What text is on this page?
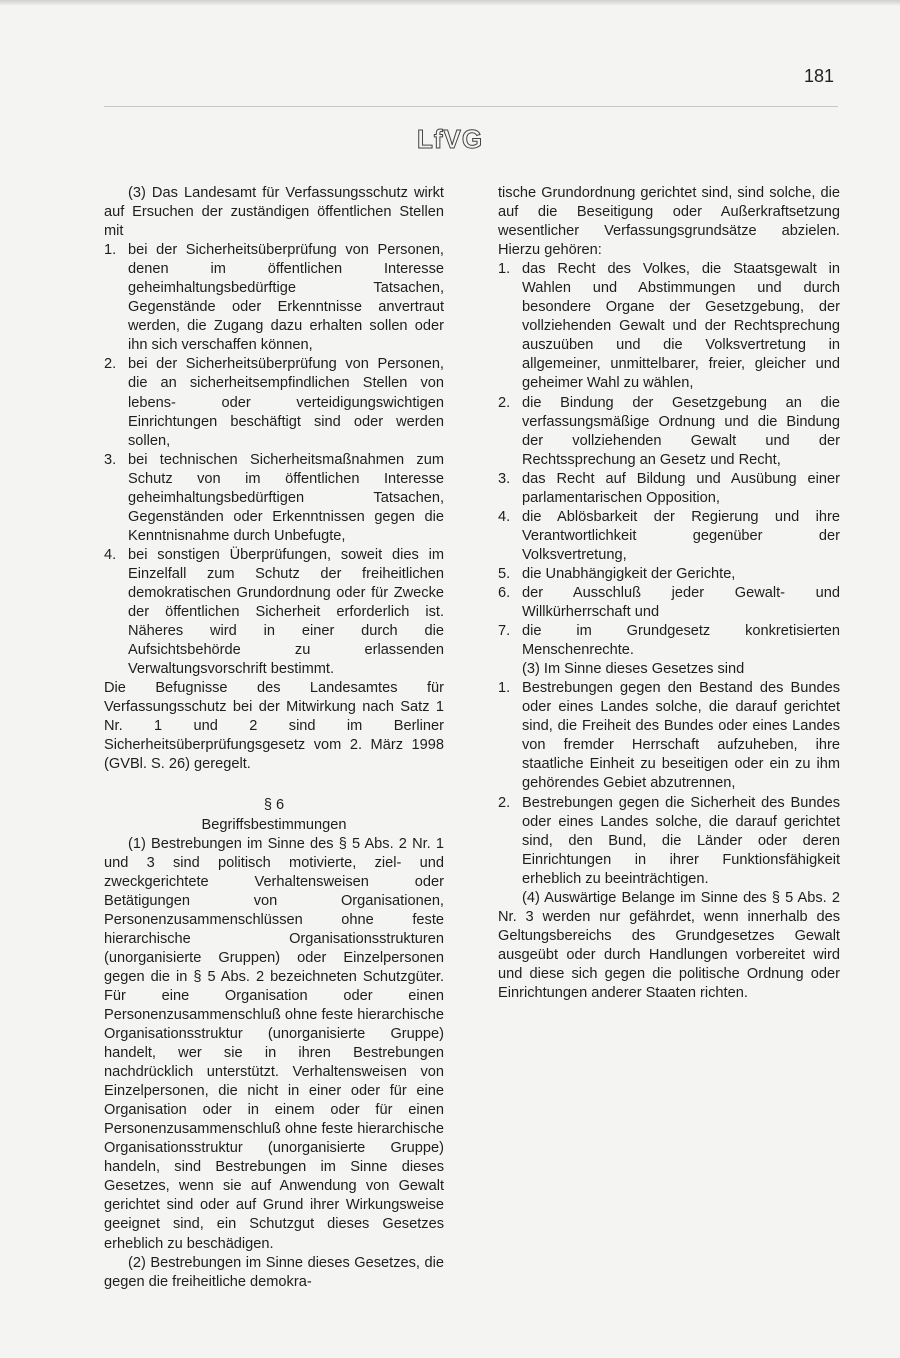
181
LfVG

(3) Das Landesamt für Verfassungsschutz wirkt auf Ersuchen der zuständigen öffentlichen Stellen mit

1. bei der Sicherheitsüberprüfung von Personen, denen im öffentlichen Interesse geheimhaltungsbedürftige Tatsachen, Gegenstände oder Erkenntnisse anvertraut werden, die Zugang dazu erhalten sollen oder ihn sich verschaffen können,
2. bei der Sicherheitsüberprüfung von Personen, die an sicherheitsempfindlichen Stellen von lebens- oder verteidigungswichtigen Einrichtungen beschäftigt sind oder werden sollen,
3. bei technischen Sicherheitsmaßnahmen zum Schutz von im öffentlichen Interesse geheimhaltungsbedürftigen Tatsachen, Gegenständen oder Erkenntnissen gegen die Kenntnisnahme durch Unbefugte,
4. bei sonstigen Überprüfungen, soweit dies im Einzelfall zum Schutz der freiheitlichen demokratischen Grundordnung oder für Zwecke der öffentlichen Sicherheit erforderlich ist. Näheres wird in einer durch die Aufsichtsbehörde zu erlassenden Verwaltungsvorschrift bestimmt.

Die Befugnisse des Landesamtes für Verfassungsschutz bei der Mitwirkung nach Satz 1 Nr. 1 und 2 sind im Berliner Sicherheitsüberprüfungsgesetz vom 2. März 1998 (GVBl. S. 26) geregelt.

§ 6
Begriffsbestimmungen

(1) Bestrebungen im Sinne des § 5 Abs. 2 Nr. 1 und 3 sind politisch motivierte, ziel- und zweckgerichtete Verhaltensweisen oder Betätigungen von Organisationen, Personenzusammenschlüssen ohne feste hierarchische Organisationsstrukturen (unorganisierte Gruppen) oder Einzelpersonen gegen die in § 5 Abs. 2 bezeichneten Schutzgüter. Für eine Organisation oder einen Personenzusammenschluß ohne feste hierarchische Organisationsstruktur (unorganisierte Gruppe) handelt, wer sie in ihren Bestrebungen nachdrücklich unterstützt. Verhaltensweisen von Einzelpersonen, die nicht in einer oder für eine Organisation oder in einem oder für einen Personenzusammenschluß ohne feste hierarchische Organisationsstruktur (unorganisierte Gruppe) handeln, sind Bestrebungen im Sinne dieses Gesetzes, wenn sie auf Anwendung von Gewalt gerichtet sind oder auf Grund ihrer Wirkungsweise geeignet sind, ein Schutzgut dieses Gesetzes erheblich zu beschädigen.

(2) Bestrebungen im Sinne dieses Gesetzes, die gegen die freiheitliche demokra-

tische Grundordnung gerichtet sind, sind solche, die auf die Beseitigung oder Außerkraftsetzung wesentlicher Verfassungsgrundsätze abzielen. Hierzu gehören:

1. das Recht des Volkes, die Staatsgewalt in Wahlen und Abstimmungen und durch besondere Organe der Gesetzgebung, der vollziehenden Gewalt und der Rechtsprechung auszuüben und die Volksvertretung in allgemeiner, unmittelbarer, freier, gleicher und geheimer Wahl zu wählen,
2. die Bindung der Gesetzgebung an die verfassungsmäßige Ordnung und die Bindung der vollziehenden Gewalt und der Rechtssprechung an Gesetz und Recht,
3. das Recht auf Bildung und Ausübung einer parlamentarischen Opposition,
4. die Ablösbarkeit der Regierung und ihre Verantwortlichkeit gegenüber der Volksvertretung,
5. die Unabhängigkeit der Gerichte,
6. der Ausschluß jeder Gewalt- und Willkürherrschaft und
7. die im Grundgesetz konkretisierten Menschenrechte.

(3) Im Sinne dieses Gesetzes sind

1. Bestrebungen gegen den Bestand des Bundes oder eines Landes solche, die darauf gerichtet sind, die Freiheit des Bundes oder eines Landes von fremder Herrschaft aufzuheben, ihre staatliche Einheit zu beseitigen oder ein zu ihm gehörendes Gebiet abzutrennen,
2. Bestrebungen gegen die Sicherheit des Bundes oder eines Landes solche, die darauf gerichtet sind, den Bund, die Länder oder deren Einrichtungen in ihrer Funktionsfähigkeit erheblich zu beeinträchtigen.

(4) Auswärtige Belange im Sinne des § 5 Abs. 2 Nr. 3 werden nur gefährdet, wenn innerhalb des Geltungsbereichs des Grundgesetzes Gewalt ausgeübt oder durch Handlungen vorbereitet wird und diese sich gegen die politische Ordnung oder Einrichtungen anderer Staaten richten.
